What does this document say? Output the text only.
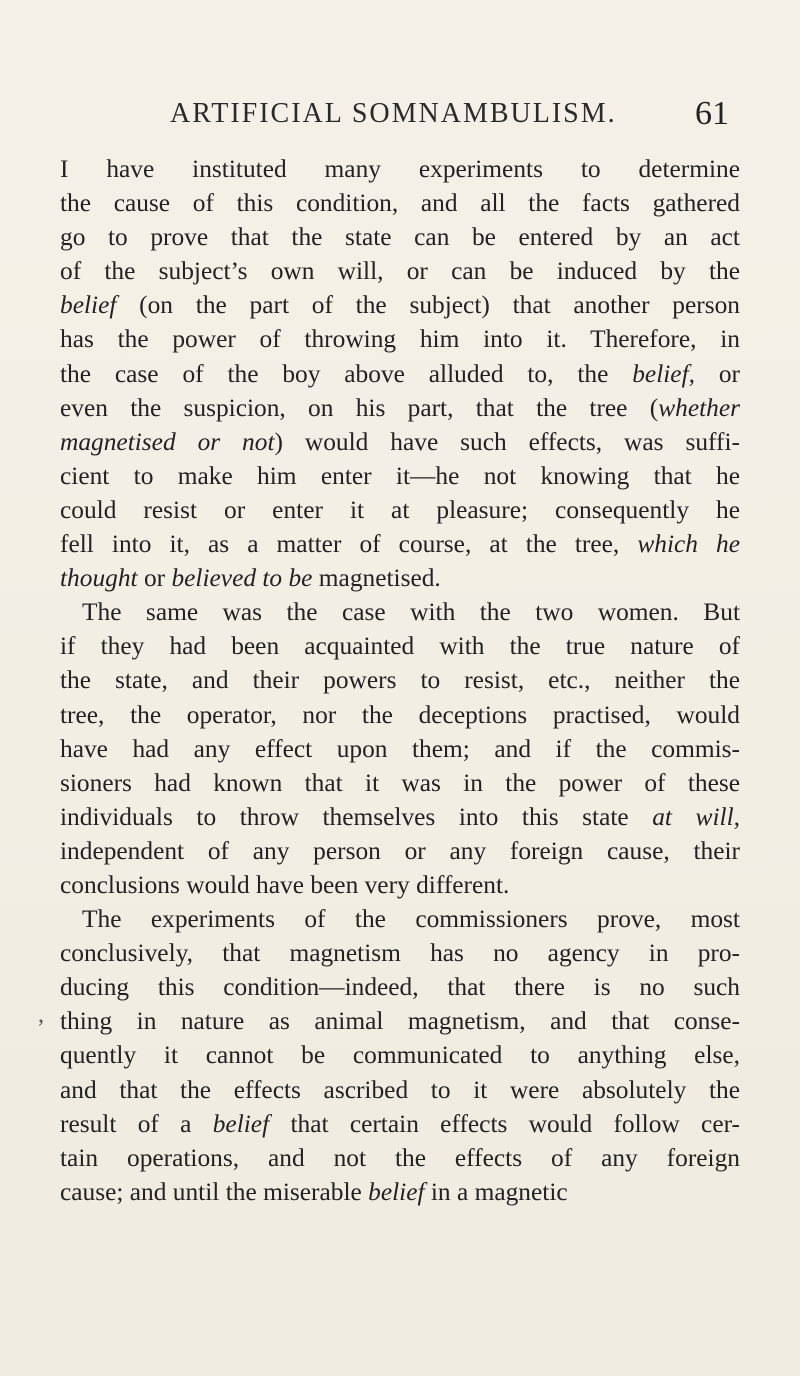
ARTIFICIAL SOMNAMBULISM. 61
,
I have instituted many experiments to determine
the cause of this condition, and all the facts gathered
go to prove that the state can be entered by an act
of the subject’s own will, or can be induced by the
belief (on the part of the subject) that another person
has the power of throwing him into it. Therefore, in
the case of the boy above alluded to, the belief, or
even the suspicion, on his part, that the tree (whether
magnetised or not) would have such effects, was suffi-
cient to make him enter it—he not knowing that he
could resist or enter it at pleasure; consequently he
fell into it, as a matter of course, at the tree, which he
thought or believed to be magnetised.
The same was the case with the two women. But
if they had been acquainted with the true nature of
the state, and their powers to resist, etc., neither the
tree, the operator, nor the deceptions practised, would
have had any effect upon them; and if the commis-
sioners had known that it was in the power of these
individuals to throw themselves into this state at will,
independent of any person or any foreign cause, their
conclusions would have been very different.
The experiments of the commissioners prove, most
conclusively, that magnetism has no agency in pro-
ducing this condition—indeed, that there is no such
thing in nature as animal magnetism, and that conse-
quently it cannot be communicated to anything else,
and that the effects ascribed to it were absolutely the
result of a belief that certain effects would follow cer-
tain operations, and not the effects of any foreign
cause; and until the miserable belief in a magnetic
